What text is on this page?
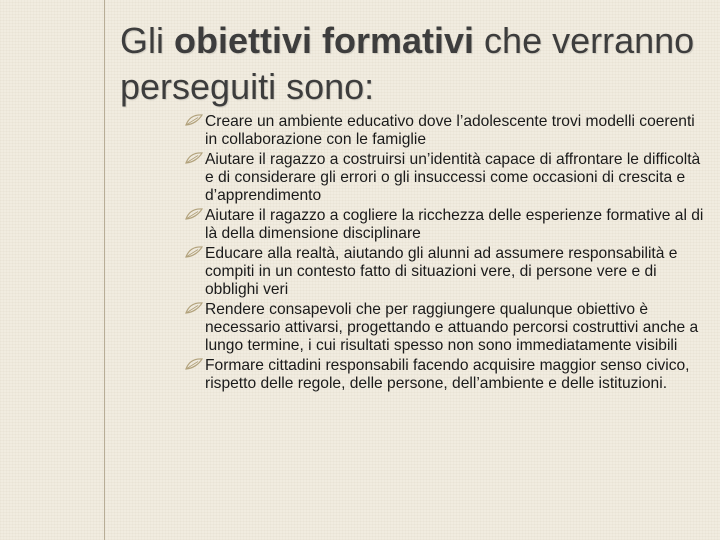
Gli obiettivi formativi che verranno perseguiti sono:
Creare un ambiente educativo dove l’adolescente trovi modelli coerenti in collaborazione con le famiglie
Aiutare il ragazzo a costruirsi un’identità capace di affrontare le difficoltà e di considerare gli errori o gli insuccessi come occasioni di crescita e d’apprendimento
Aiutare il ragazzo a cogliere la ricchezza delle esperienze formative al di là della dimensione disciplinare
Educare alla realtà, aiutando gli alunni ad assumere responsabilità e compiti in un contesto fatto di situazioni vere, di persone vere e di obblighi veri
Rendere consapevoli che per raggiungere qualunque obiettivo è necessario attivarsi, progettando e attuando percorsi costruttivi anche a lungo termine, i cui risultati spesso non sono immediatamente visibili
Formare cittadini responsabili facendo acquisire maggior senso civico, rispetto delle regole, delle persone, dell’ambiente e delle istituzioni.
